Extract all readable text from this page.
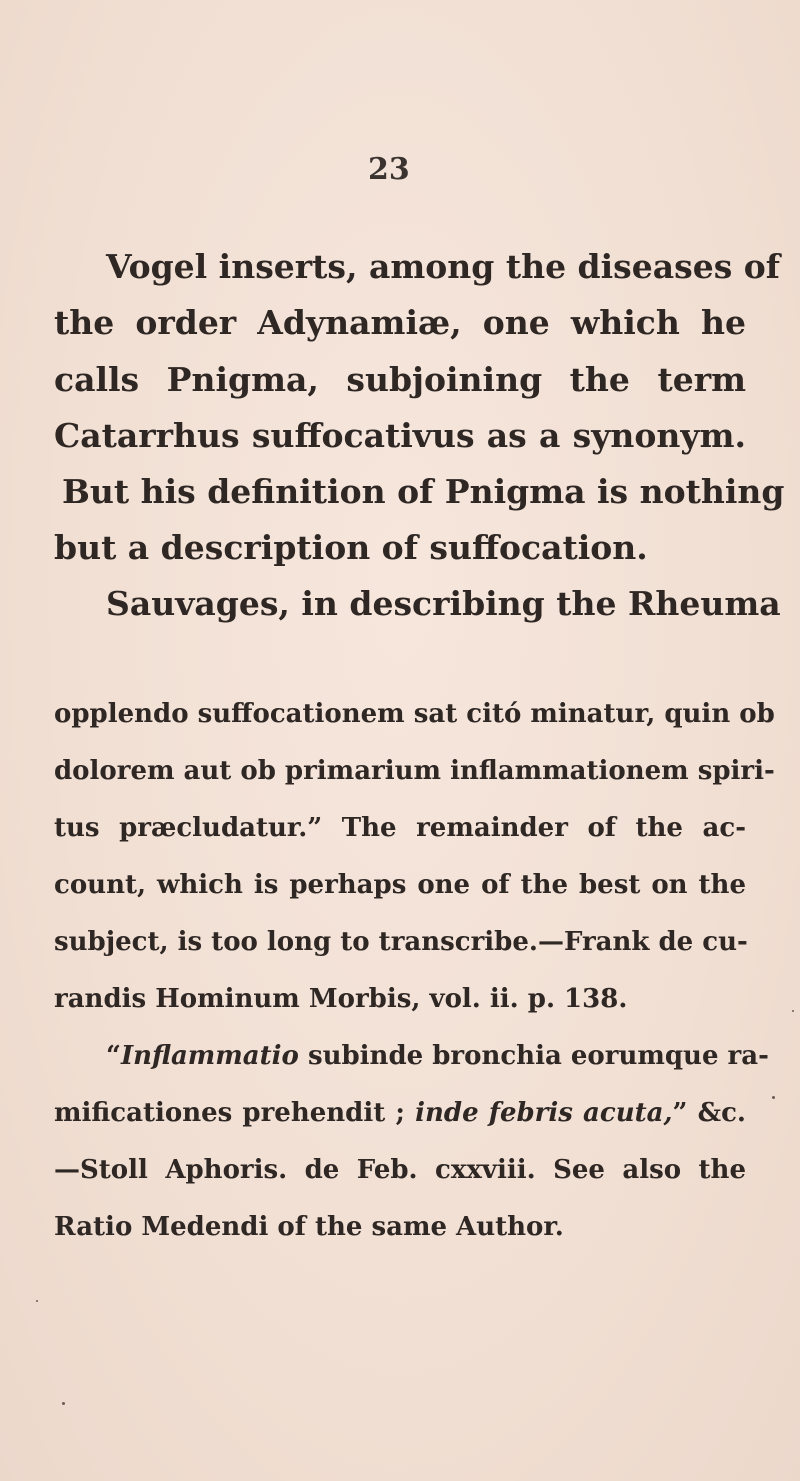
23
Vogel inserts, among the diseases of
the order Adynamiæ, one which he
calls Pnigma, subjoining the term
Catarrhus suffocativus as a synonym.
But his definition of Pnigma is nothing
but a description of suffocation.
Sauvages, in describing the Rheuma
opplendo suffocationem sat citó minatur, quin ob
dolorem aut ob primarium inflammationem spiri-
tus præcludatur.” The remainder of the ac-
count, which is perhaps one of the best on the
subject, is too long to transcribe.—Frank de cu-
randis Hominum Morbis, vol. ii. p. 138.
“Inflammatio subinde bronchia eorumque ra-
mificationes prehendit ; inde febris acuta,” &c.
—Stoll Aphoris. de Feb. cxxviii. See also the
Ratio Medendi of the same Author.
